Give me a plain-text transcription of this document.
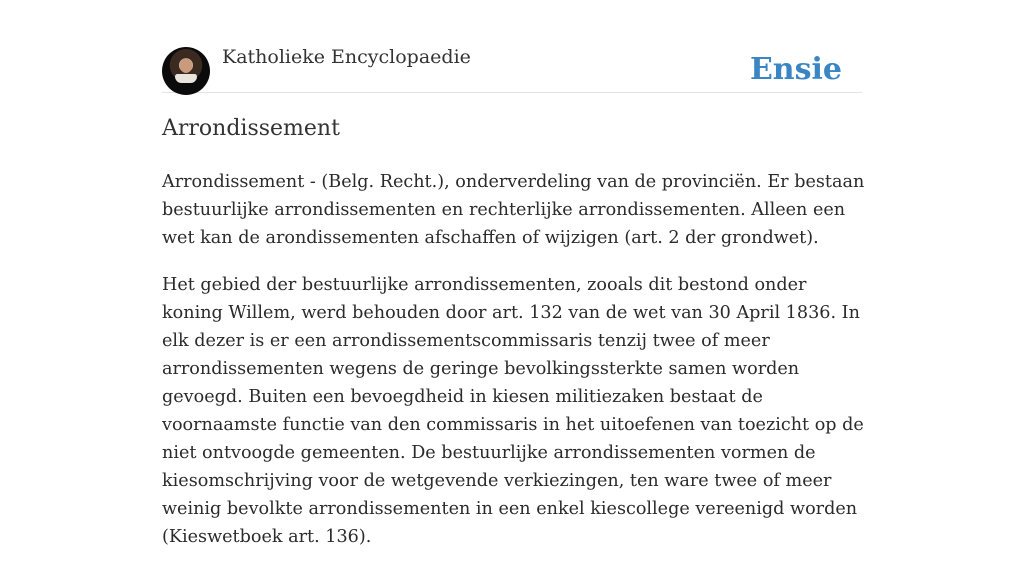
Katholieke Encyclopaedie	Ensie
Arrondissement

Arrondissement - (Belg. Recht.), onderverdeling van de provinciën. Er bestaan bestuurlijke arrondissementen en rechterlijke arrondissementen. Alleen een wet kan de arondissementen afschaffen of wijzigen (art. 2 der grondwet).

Het gebied der bestuurlijke arrondissementen, zooals dit bestond onder koning Willem, werd behouden door art. 132 van de wet van 30 April 1836. In elk dezer is er een arrondissementscommissaris tenzij twee of meer arrondissementen wegens de geringe bevolkingssterkte samen worden gevoegd. Buiten een bevoegdheid in kiesen militiezaken bestaat de voornaamste functie van den commissaris in het uitoefenen van toezicht op de niet ontvoogde gemeenten. De bestuurlijke arrondissementen vormen de kiesomschrijving voor de wetgevende verkiezingen, ten ware twee of meer weinig bevolkte arrondissementen in een enkel kiescollege vereenigd worden (Kieswetboek art. 136).
